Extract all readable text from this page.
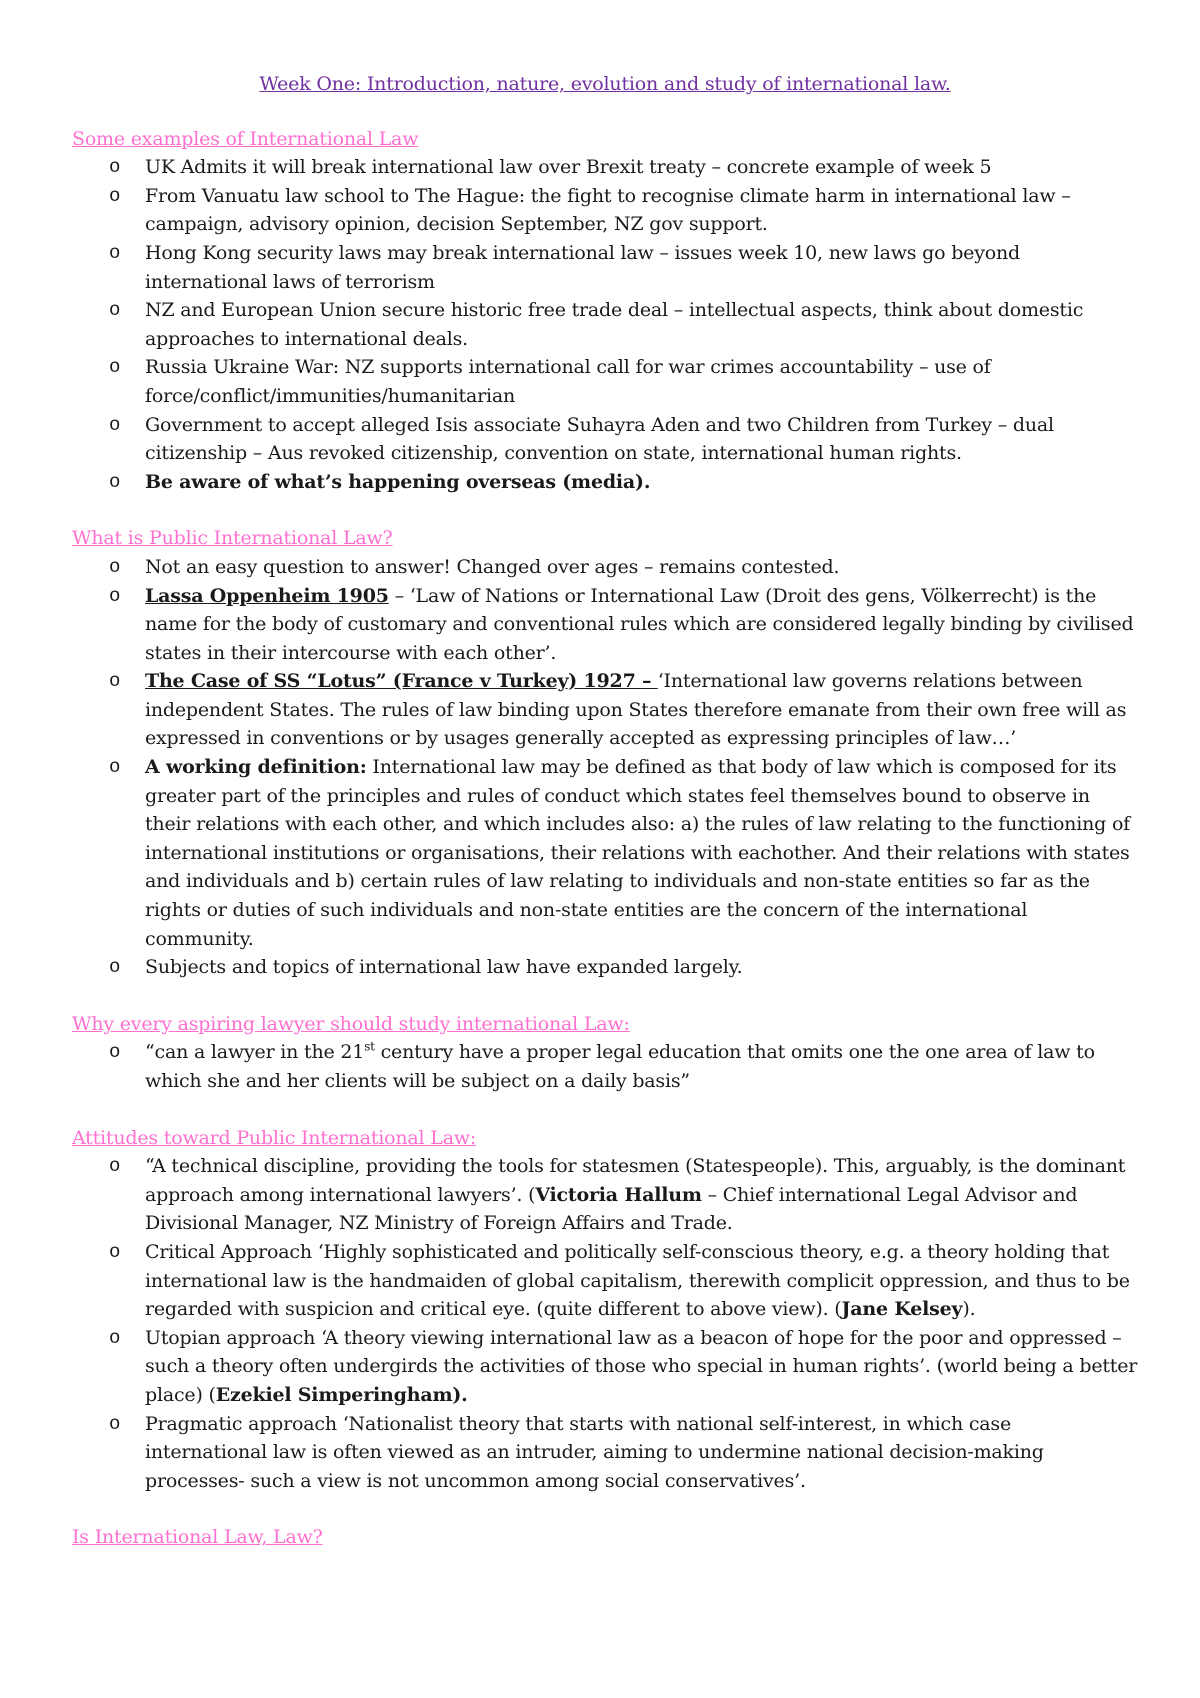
Week One: Introduction, nature, evolution and study of international law.

Some examples of International Law

o UK Admits it will break international law over Brexit treaty – concrete example of week 5
o From Vanuatu law school to The Hague: the fight to recognise climate harm in international law – campaign, advisory opinion, decision September, NZ gov support.
o Hong Kong security laws may break international law – issues week 10, new laws go beyond international laws of terrorism
o NZ and European Union secure historic free trade deal – intellectual aspects, think about domestic approaches to international deals.
o Russia Ukraine War: NZ supports international call for war crimes accountability – use of force/conflict/immunities/humanitarian
o Government to accept alleged Isis associate Suhayra Aden and two Children from Turkey – dual citizenship – Aus revoked citizenship, convention on state, international human rights.
o Be aware of what’s happening overseas (media).

What is Public International Law?

o Not an easy question to answer! Changed over ages – remains contested.
o Lassa Oppenheim 1905 – ‘Law of Nations or International Law (Droit des gens, Völkerrecht) is the name for the body of customary and conventional rules which are considered legally binding by civilised states in their intercourse with each other’.
o The Case of SS “Lotus” (France v Turkey) 1927 – ‘International law governs relations between independent States. The rules of law binding upon States therefore emanate from their own free will as expressed in conventions or by usages generally accepted as expressing principles of law…’
o A working definition: International law may be defined as that body of law which is composed for its greater part of the principles and rules of conduct which states feel themselves bound to observe in their relations with each other, and which includes also: a) the rules of law relating to the functioning of international institutions or organisations, their relations with eachother. And their relations with states and individuals and b) certain rules of law relating to individuals and non-state entities so far as the rights or duties of such individuals and non-state entities are the concern of the international community.
o Subjects and topics of international law have expanded largely.

Why every aspiring lawyer should study international Law:

o “can a lawyer in the 21st century have a proper legal education that omits one the one area of law to which she and her clients will be subject on a daily basis”

Attitudes toward Public International Law:

o “A technical discipline, providing the tools for statesmen (Statespeople). This, arguably, is the dominant approach among international lawyers’. (Victoria Hallum – Chief international Legal Advisor and Divisional Manager, NZ Ministry of Foreign Affairs and Trade.
o Critical Approach ‘Highly sophisticated and politically self-conscious theory, e.g. a theory holding that international law is the handmaiden of global capitalism, therewith complicit oppression, and thus to be regarded with suspicion and critical eye. (quite different to above view). (Jane Kelsey).
o Utopian approach ‘A theory viewing international law as a beacon of hope for the poor and oppressed – such a theory often undergirds the activities of those who special in human rights’. (world being a better place) (Ezekiel Simperingham).
o Pragmatic approach ‘Nationalist theory that starts with national self-interest, in which case international law is often viewed as an intruder, aiming to undermine national decision-making processes- such a view is not uncommon among social conservatives’.

Is International Law, Law?
